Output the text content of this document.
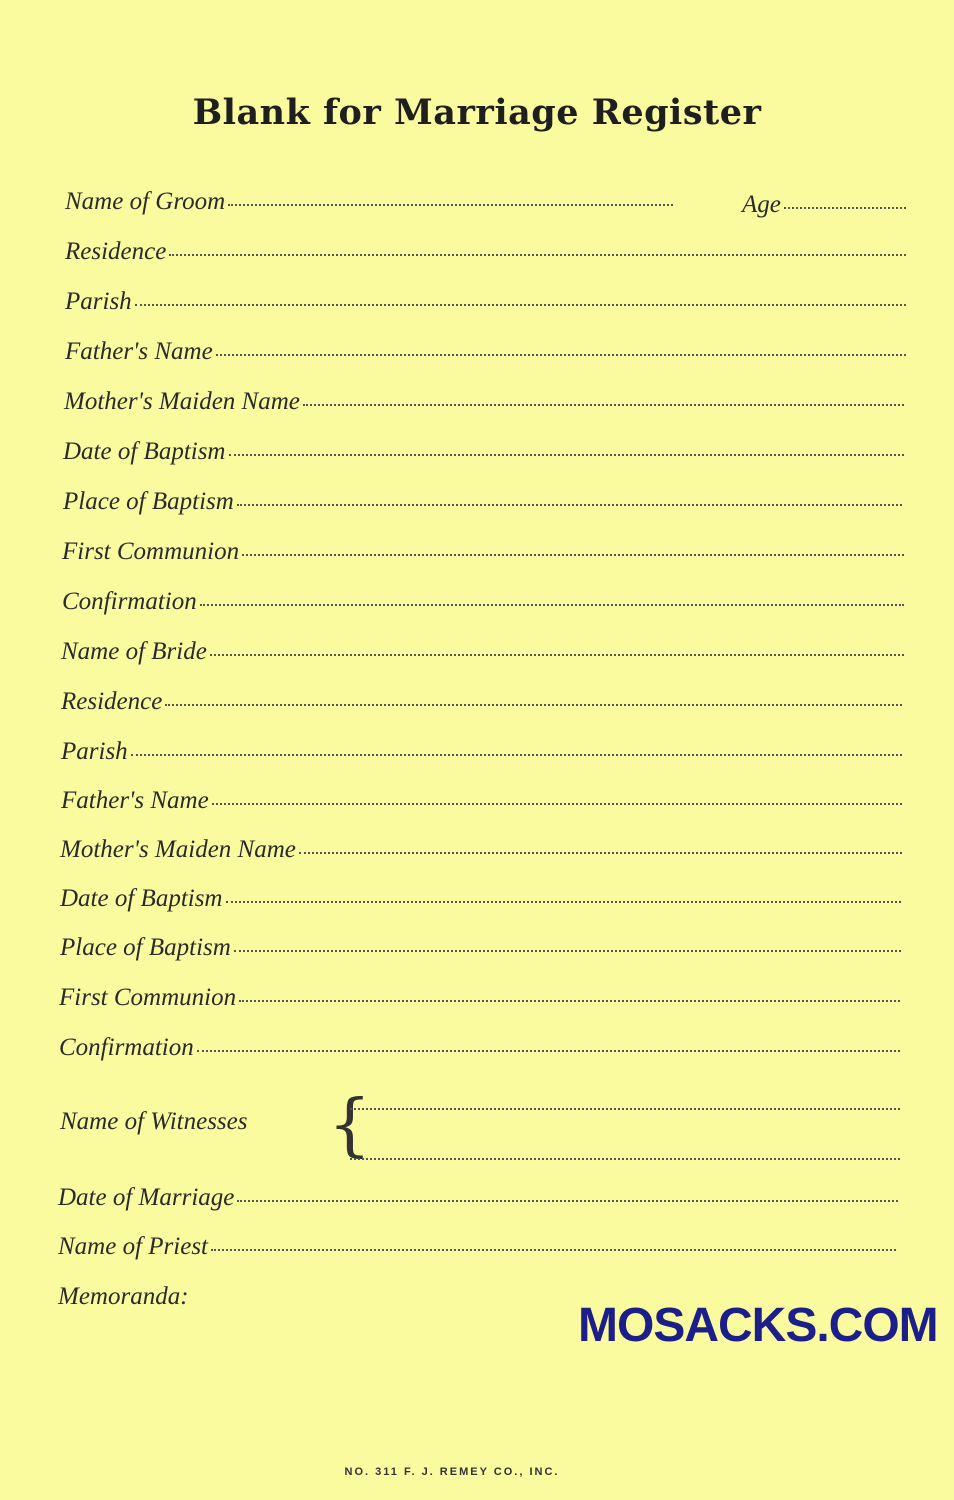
Blank for Marriage Register
Name of Groom	Age
Residence
Parish
Father's Name
Mother's Maiden Name
Date of Baptism
Place of Baptism
First Communion
Confirmation
Name of Bride
Residence
Parish
Father's Name
Mother's Maiden Name
Date of Baptism
Place of Baptism
First Communion
Confirmation
Name of Witnesses {
Date of Marriage
Name of Priest
Memoranda:
MOSACKS.COM
NO. 311 F. J. REMEY CO., INC.
